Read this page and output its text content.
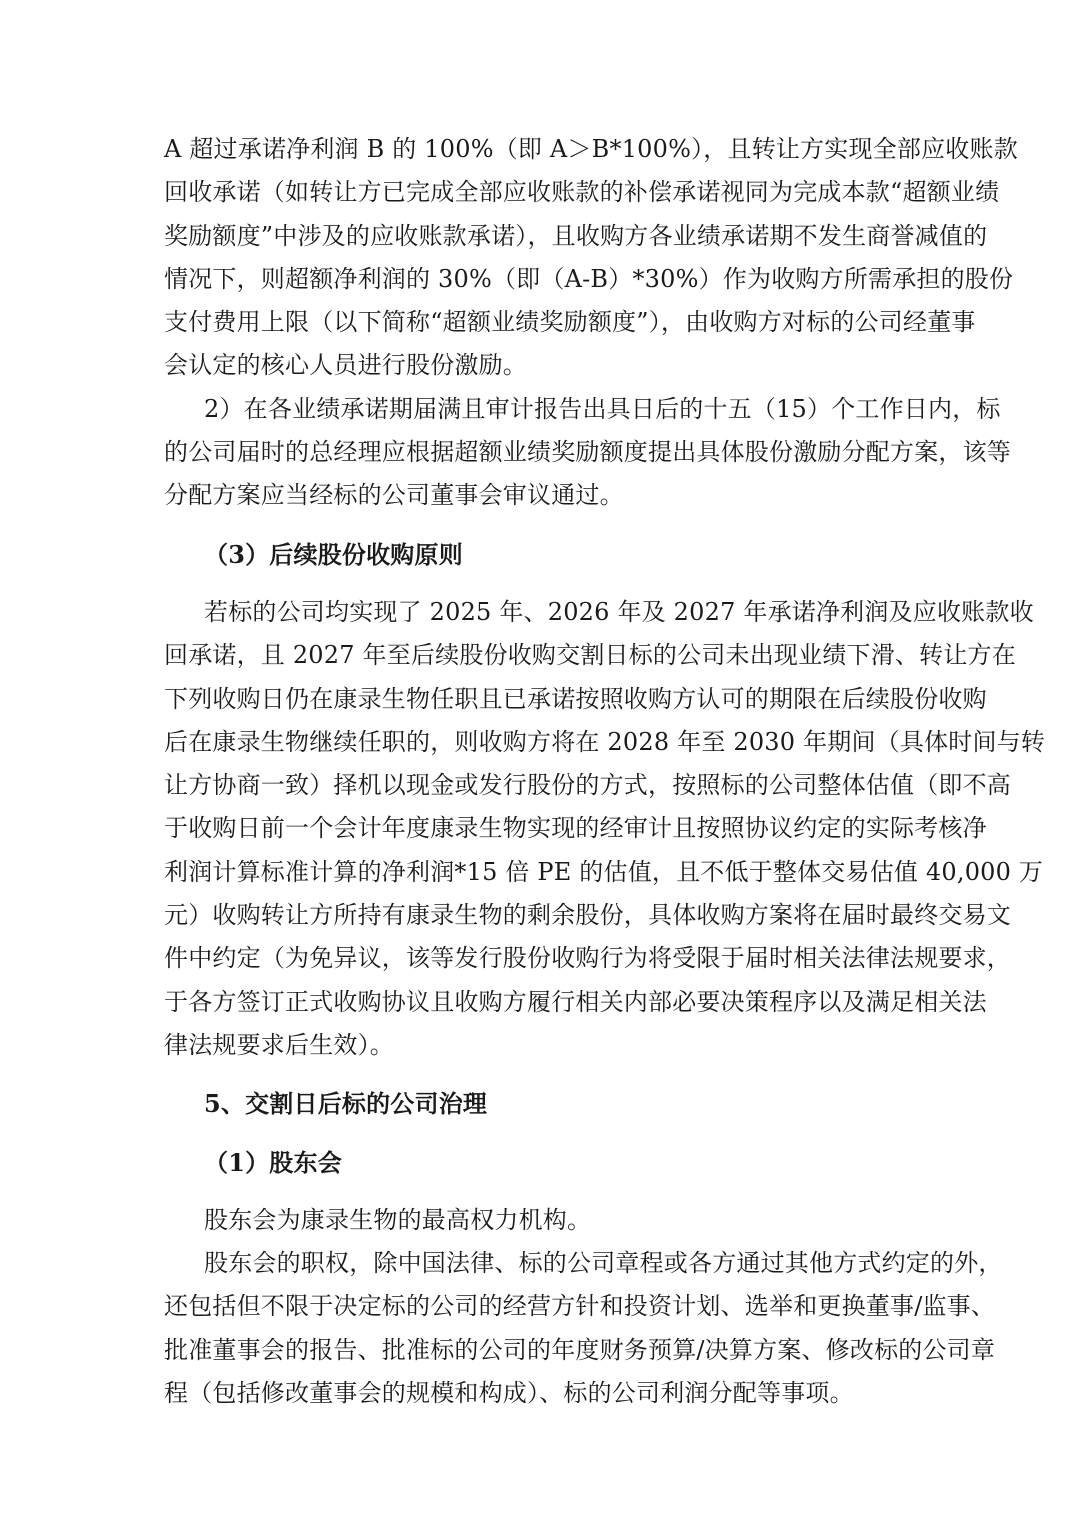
A 超过承诺净利润 B 的 100%（即 A＞B*100%），且转让方实现全部应收账款
回收承诺（如转让方已完成全部应收账款的补偿承诺视同为完成本款“超额业绩
奖励额度”中涉及的应收账款承诺），且收购方各业绩承诺期不发生商誉减值的
情况下，则超额净利润的 30%（即（A-B）*30%）作为收购方所需承担的股份
支付费用上限（以下简称“超额业绩奖励额度”），由收购方对标的公司经董事
会认定的核心人员进行股份激励。
2）在各业绩承诺期届满且审计报告出具日后的十五（15）个工作日内，标
的公司届时的总经理应根据超额业绩奖励额度提出具体股份激励分配方案，该等
分配方案应当经标的公司董事会审议通过。
（3）后续股份收购原则
若标的公司均实现了 2025 年、2026 年及 2027 年承诺净利润及应收账款收
回承诺，且 2027 年至后续股份收购交割日标的公司未出现业绩下滑、转让方在
下列收购日仍在康录生物任职且已承诺按照收购方认可的期限在后续股份收购
后在康录生物继续任职的，则收购方将在 2028 年至 2030 年期间（具体时间与转
让方协商一致）择机以现金或发行股份的方式，按照标的公司整体估值（即不高
于收购日前一个会计年度康录生物实现的经审计且按照协议约定的实际考核净
利润计算标准计算的净利润*15 倍 PE 的估值，且不低于整体交易估值 40,000 万
元）收购转让方所持有康录生物的剩余股份，具体收购方案将在届时最终交易文
件中约定（为免异议，该等发行股份收购行为将受限于届时相关法律法规要求，
于各方签订正式收购协议且收购方履行相关内部必要决策程序以及满足相关法
律法规要求后生效）。
5、交割日后标的公司治理
（1）股东会
股东会为康录生物的最高权力机构。
股东会的职权，除中国法律、标的公司章程或各方通过其他方式约定的外，
还包括但不限于决定标的公司的经营方针和投资计划、选举和更换董事/监事、
批准董事会的报告、批准标的公司的年度财务预算/决算方案、修改标的公司章
程（包括修改董事会的规模和构成）、标的公司利润分配等事项。
